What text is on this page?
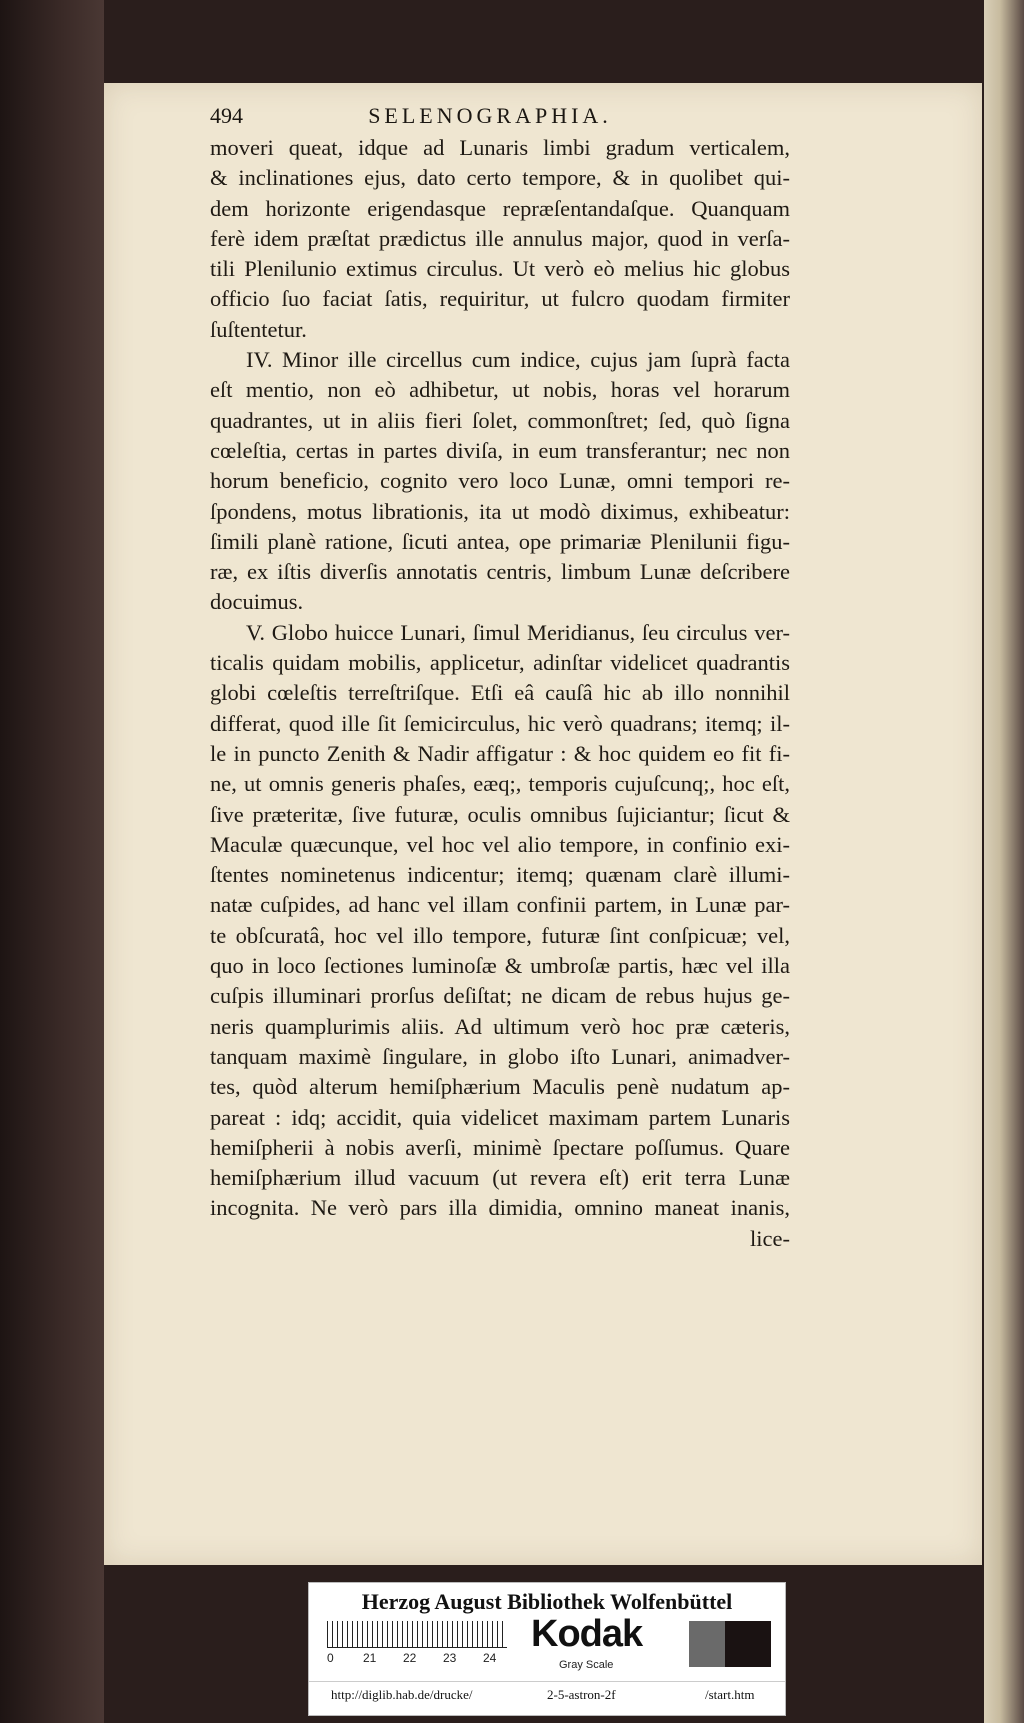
494	SELENOGRAPHIA.
moveri queat, idque ad Lunaris limbi gradum verticalem,
& inclinationes ejus, dato certo tempore, & in quolibet qui-
dem horizonte erigendasque repræſentandaſque. Quanquam
ferè idem præſtat prædictus ille annulus major, quod in verſa-
tili Plenilunio extimus circulus. Ut verò eò melius hic globus
officio ſuo faciat ſatis, requiritur, ut fulcro quodam firmiter
ſuſtentetur.
IV. Minor ille circellus cum indice, cujus jam ſuprà facta
eſt mentio, non eò adhibetur, ut nobis, horas vel horarum
quadrantes, ut in aliis fieri ſolet, commonſtret; ſed, quò ſigna
cœleſtia, certas in partes diviſa, in eum transferantur; nec non
horum beneficio, cognito vero loco Lunæ, omni tempori re-
ſpondens, motus librationis, ita ut modò diximus, exhibeatur:
ſimili planè ratione, ſicuti antea, ope primariæ Plenilunii figu-
ræ, ex iſtis diverſis annotatis centris, limbum Lunæ deſcribere
docuimus.
V. Globo huicce Lunari, ſimul Meridianus, ſeu circulus ver-
ticalis quidam mobilis, applicetur, adinſtar videlicet quadrantis
globi cœleſtis terreſtriſque. Etſi eâ cauſâ hic ab illo nonnihil
differat, quod ille ſit ſemicirculus, hic verò quadrans; itemq; il-
le in puncto Zenith & Nadir affigatur : & hoc quidem eo fit fi-
ne, ut omnis generis phaſes, eæq;, temporis cujuſcunq;, hoc eſt,
ſive præteritæ, ſive futuræ, oculis omnibus ſujiciantur; ſicut &
Maculæ quæcunque, vel hoc vel alio tempore, in confinio exi-
ſtentes nominetenus indicentur; itemq; quænam clarè illumi-
natæ cuſpides, ad hanc vel illam confinii partem, in Lunæ par-
te obſcuratâ, hoc vel illo tempore, futuræ ſint conſpicuæ; vel,
quo in loco ſectiones luminoſæ & umbroſæ partis, hæc vel illa
cuſpis illuminari prorſus deſiſtat; ne dicam de rebus hujus ge-
neris quamplurimis aliis. Ad ultimum verò hoc præ cæteris,
tanquam maximè ſingulare, in globo iſto Lunari, animadver-
tes, quòd alterum hemiſphærium Maculis penè nudatum ap-
pareat : idq; accidit, quia videlicet maximam partem Lunaris
hemiſpherii à nobis averſi, minimè ſpectare poſſumus. Quare
hemiſphærium illud vacuum (ut revera eſt) erit terra Lunæ
incognita. Ne verò pars illa dimidia, omnino maneat inanis,
lice-
Herzog August Bibliothek Wolfenbüttel
0 21 22 23 24
Kodak
Gray Scale
http://diglib.hab.de/drucke/	2-5-astron-2f	/start.htm
